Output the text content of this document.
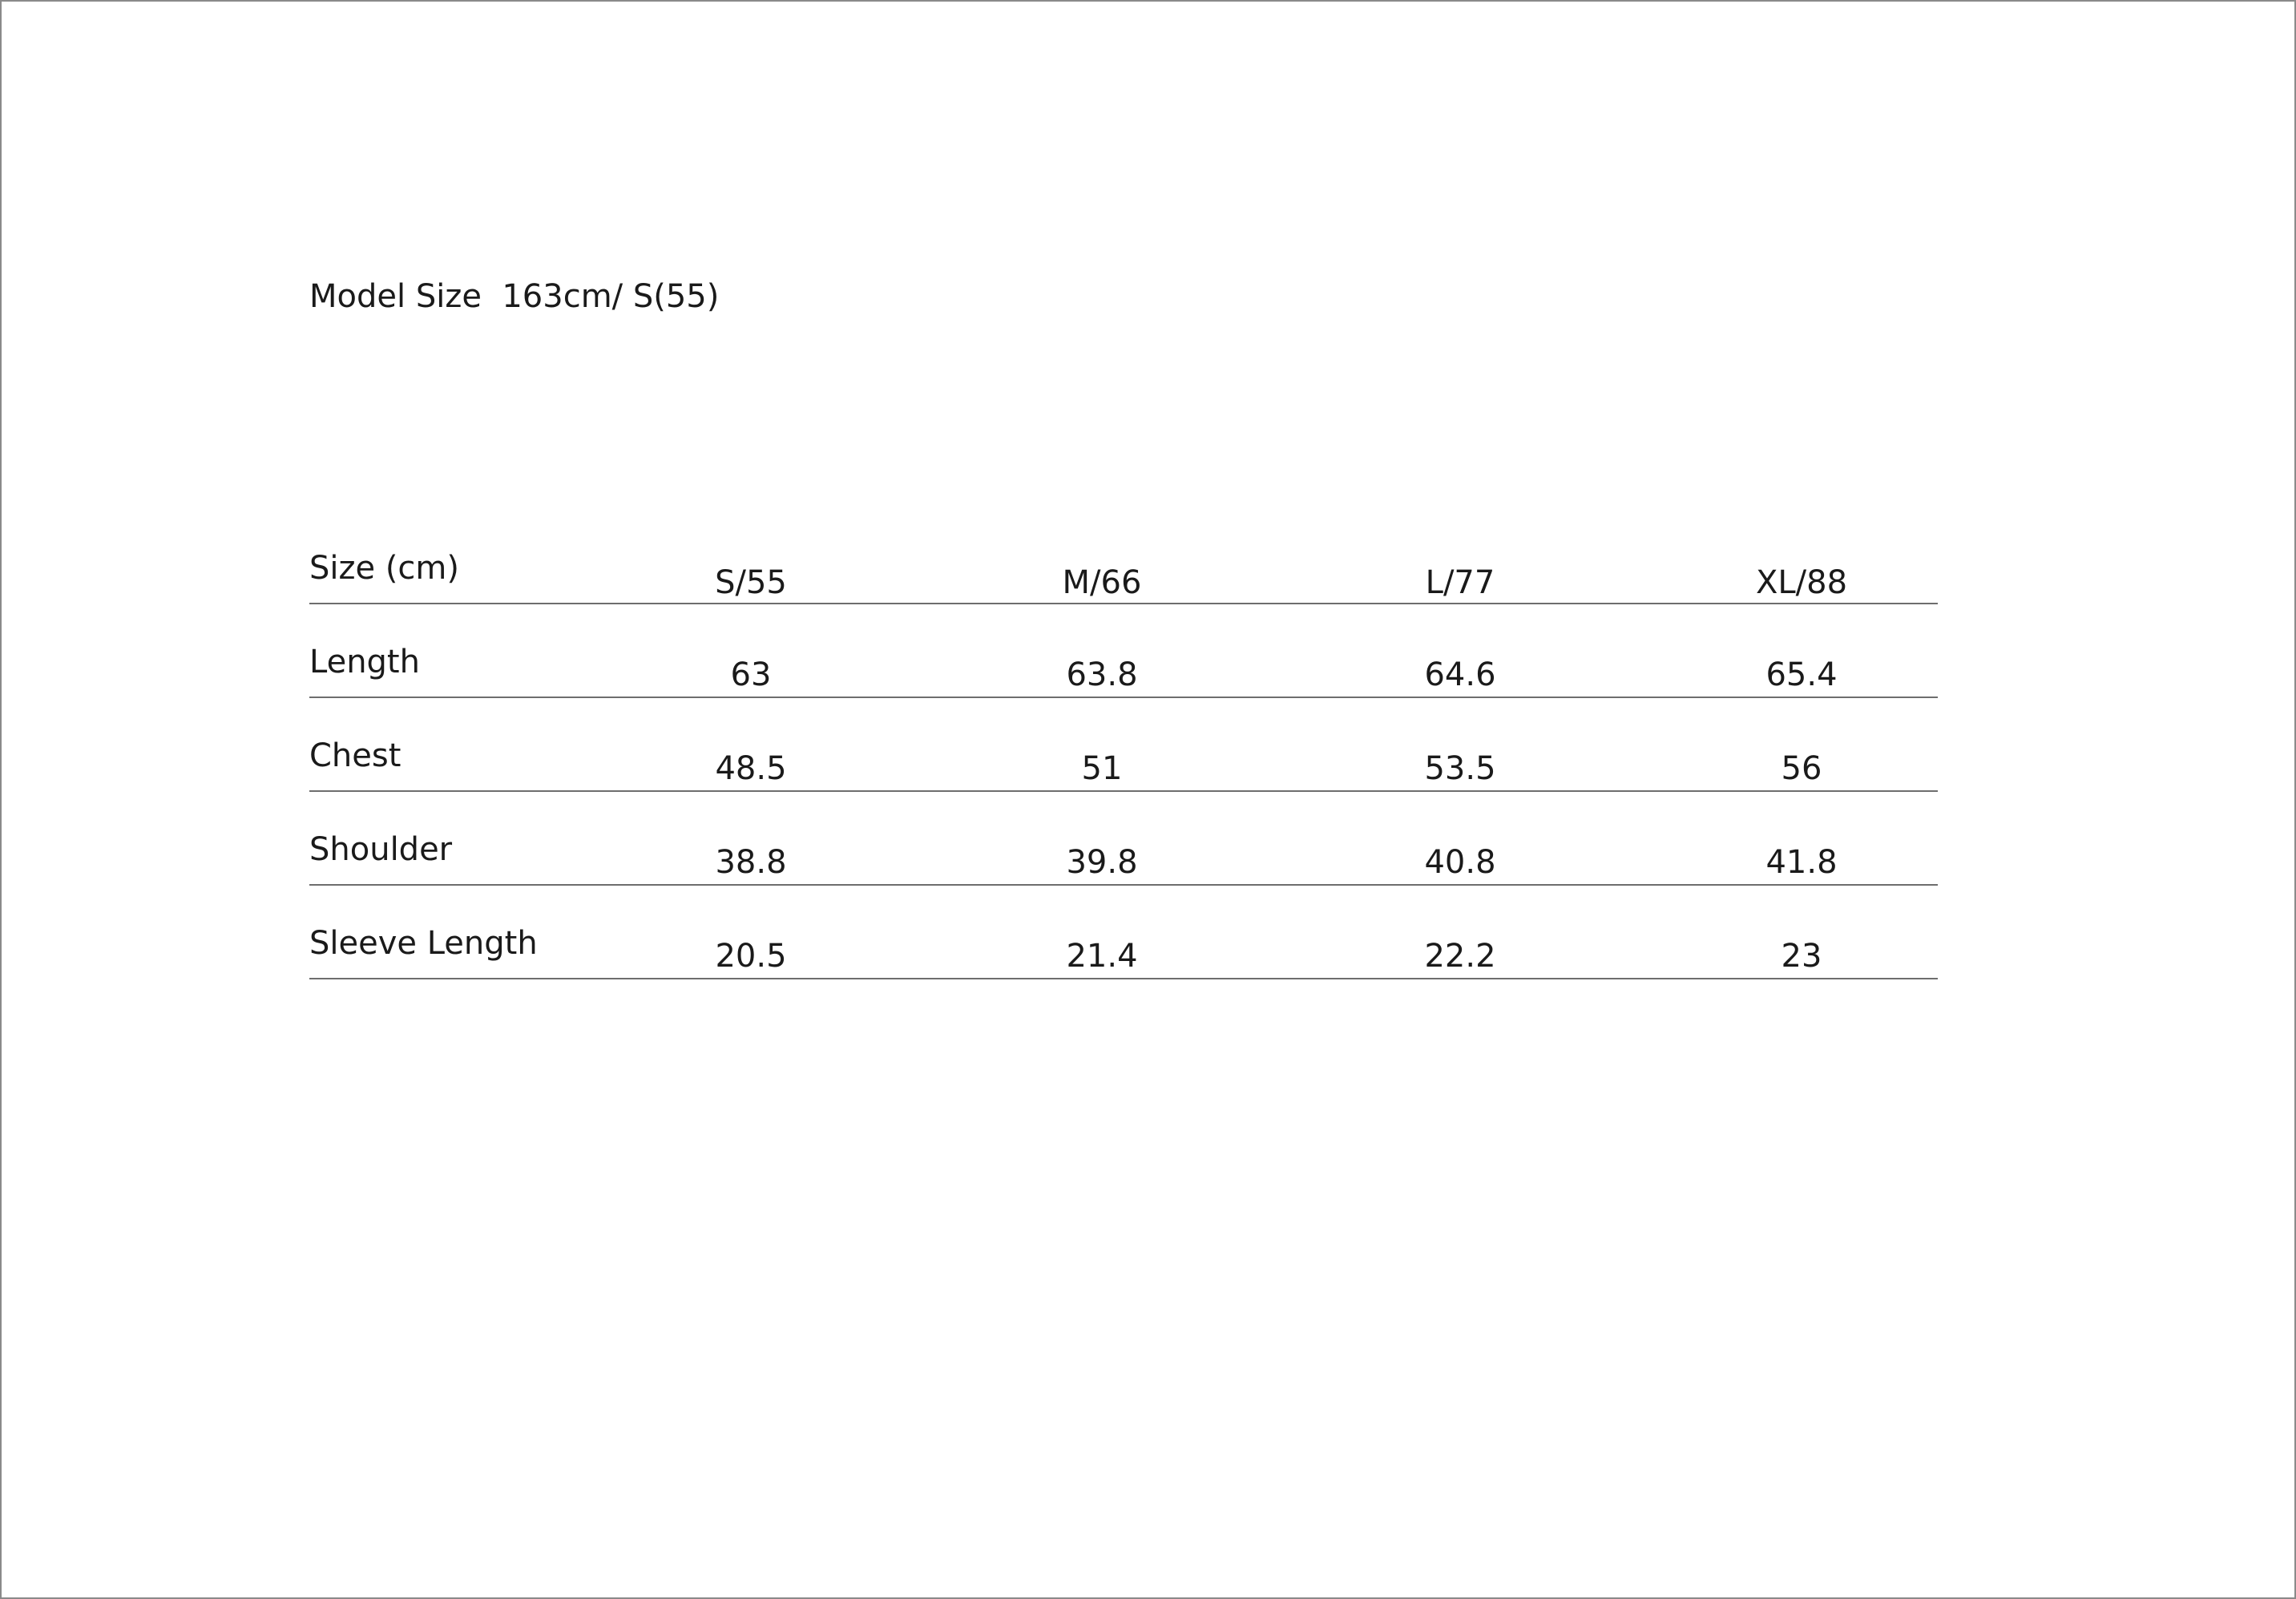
Model Size 163cm/ S(55)
Size (cm)	S/55	M/66	L/77	XL/88
Length	63	63.8	64.6	65.4
Chest	48.5	51	53.5	56
Shoulder	38.8	39.8	40.8	41.8
Sleeve Length	20.5	21.4	22.2	23
